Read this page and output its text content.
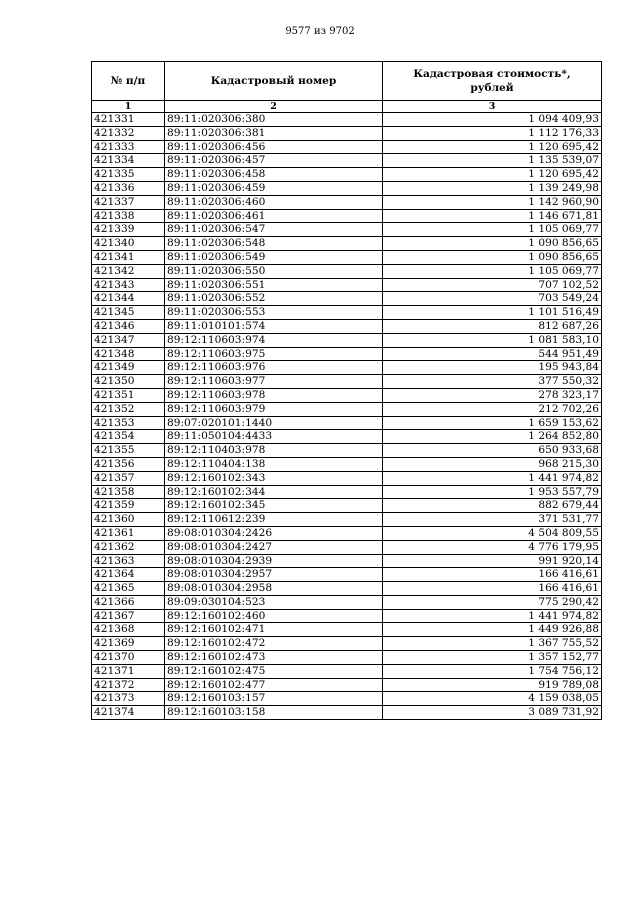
9577 из 9702
№ п/п	Кадастровый номер	Кадастровая стоимость*,
рублей

1	2	3
421331	89:11:020306:380	1 094 409,93
421332	89:11:020306:381	1 112 176,33
421333	89:11:020306:456	1 120 695,42
421334	89:11:020306:457	1 135 539,07
421335	89:11:020306:458	1 120 695,42
421336	89:11:020306:459	1 139 249,98
421337	89:11:020306:460	1 142 960,90
421338	89:11:020306:461	1 146 671,81
421339	89:11:020306:547	1 105 069,77
421340	89:11:020306:548	1 090 856,65
421341	89:11:020306:549	1 090 856,65
421342	89:11:020306:550	1 105 069,77
421343	89:11:020306:551	707 102,52
421344	89:11:020306:552	703 549,24
421345	89:11:020306:553	1 101 516,49
421346	89:11:010101:574	812 687,26
421347	89:12:110603:974	1 081 583,10
421348	89:12:110603:975	544 951,49
421349	89:12:110603:976	195 943,84
421350	89:12:110603:977	377 550,32
421351	89:12:110603:978	278 323,17
421352	89:12:110603:979	212 702,26
421353	89:07:020101:1440	1 659 153,62
421354	89:11:050104:4433	1 264 852,80
421355	89:12:110403:978	650 933,68
421356	89:12:110404:138	968 215,30
421357	89:12:160102:343	1 441 974,82
421358	89:12:160102:344	1 953 557,79
421359	89:12:160102:345	882 679,44
421360	89:12:110612:239	371 531,77
421361	89:08:010304:2426	4 504 809,55
421362	89:08:010304:2427	4 776 179,95
421363	89:08:010304:2939	991 920,14
421364	89:08:010304:2957	166 416,61
421365	89:08:010304:2958	166 416,61
421366	89:09:030104:523	775 290,42
421367	89:12:160102:460	1 441 974,82
421368	89:12:160102:471	1 449 926,88
421369	89:12:160102:472	1 367 755,52
421370	89:12:160102:473	1 357 152,77
421371	89:12:160102:475	1 754 756,12
421372	89:12:160102:477	919 789,08
421373	89:12:160103:157	4 159 038,05
421374	89:12:160103:158	3 089 731,92
